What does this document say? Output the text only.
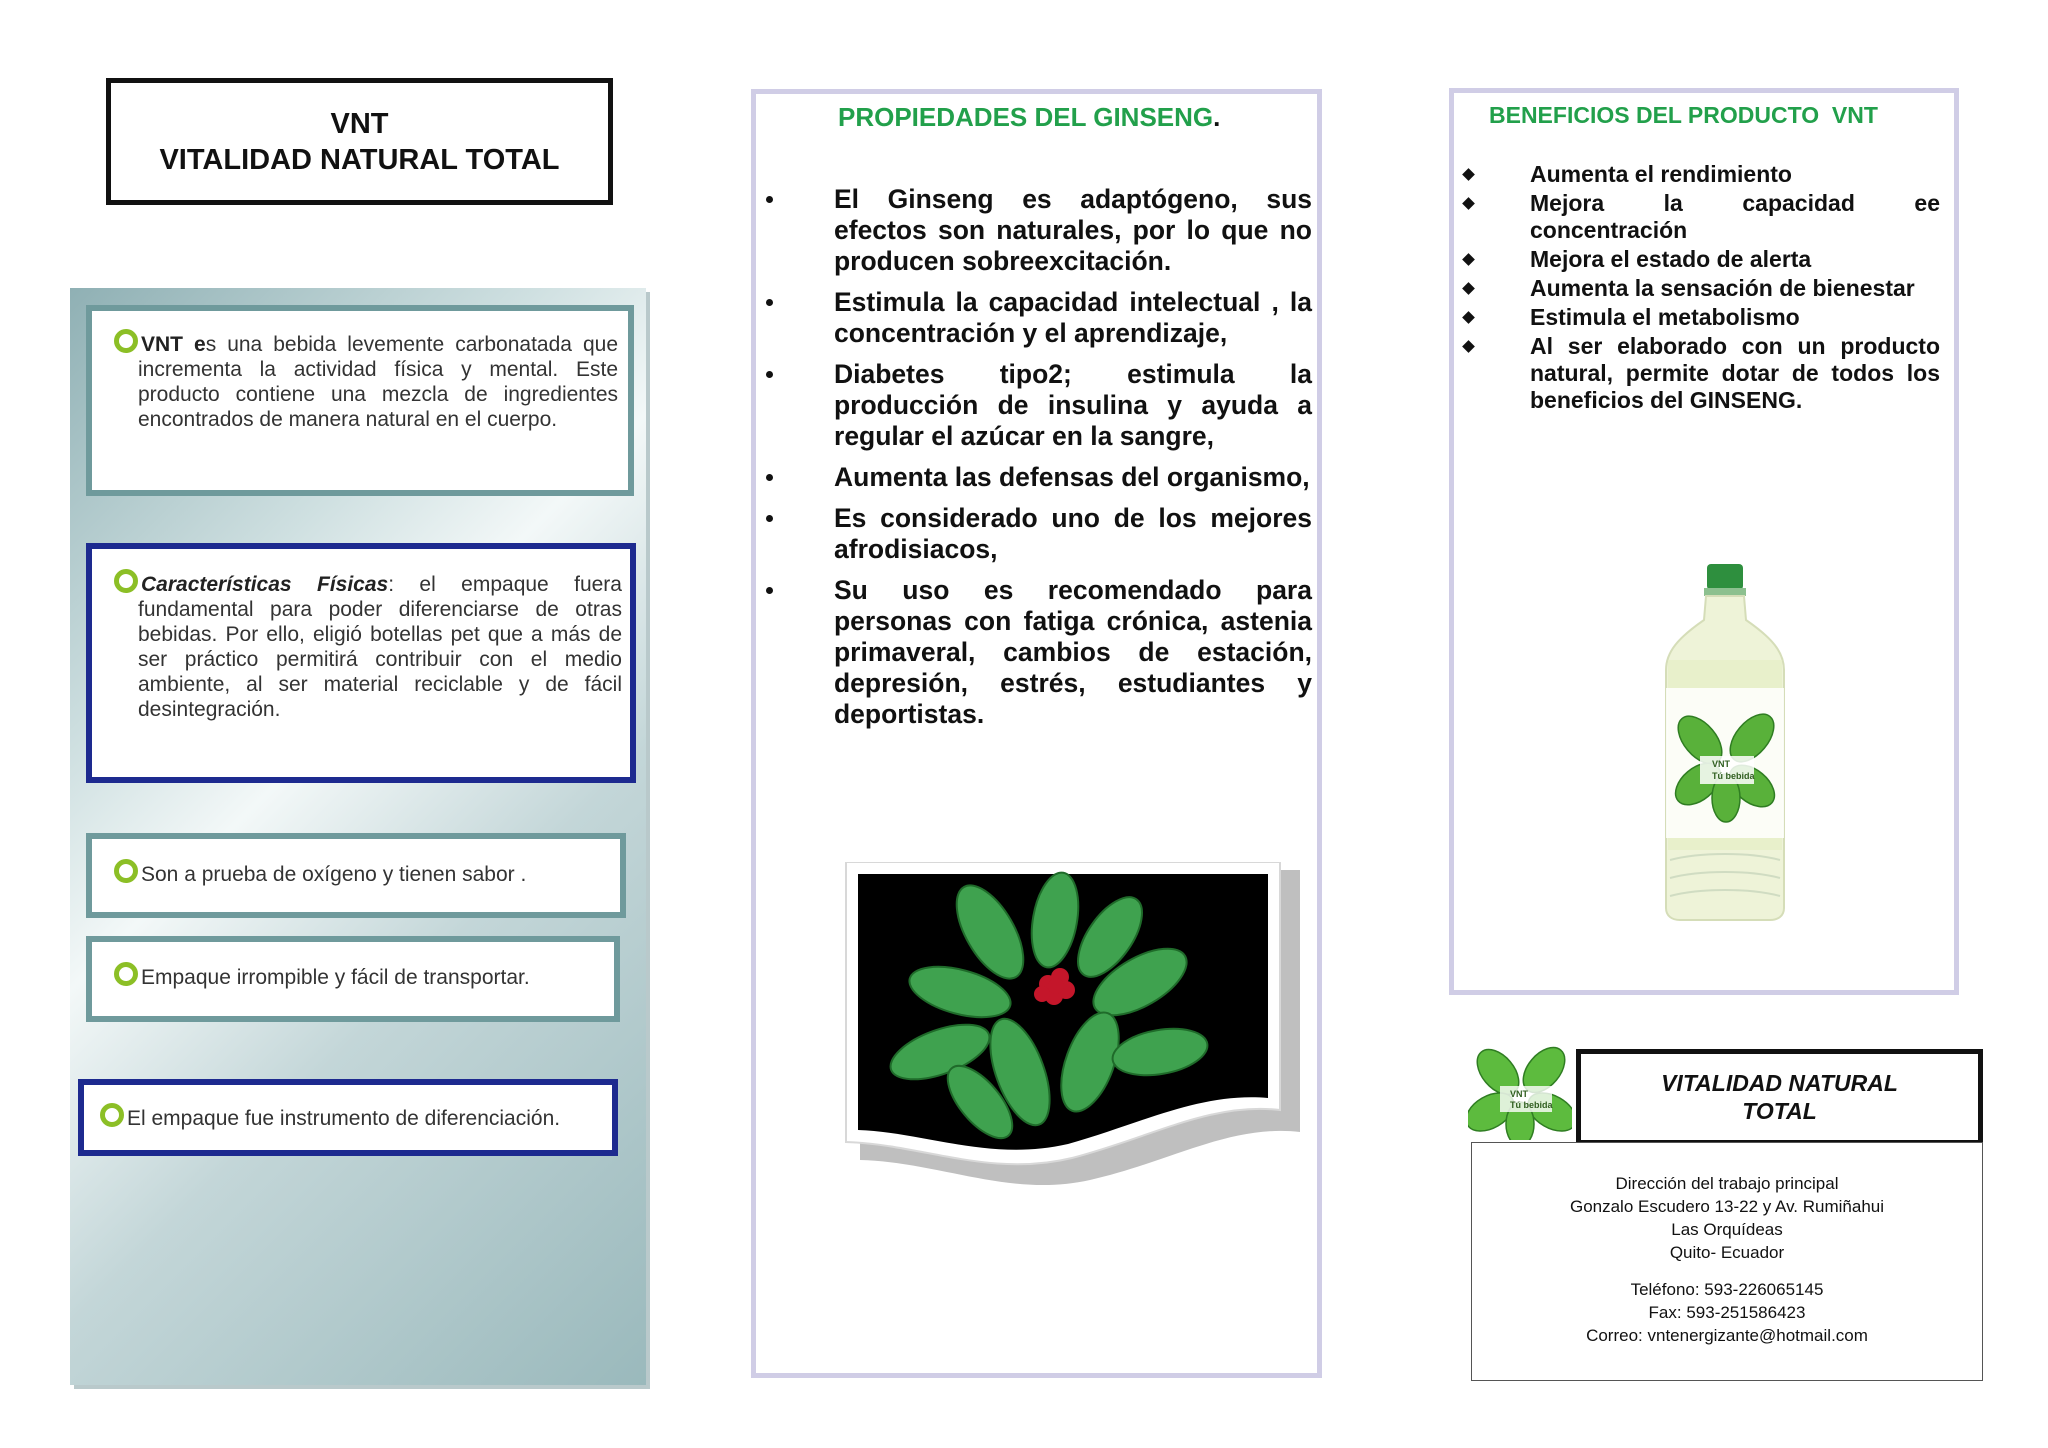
VNT
VITALIDAD NATURAL TOTAL
VNT es una bebida levemente carbonatada que incrementa la actividad física y mental. Este producto contiene una mezcla de ingredientes encontrados de manera natural en el cuerpo.
Características Físicas: el empaque fuera fundamental para poder diferenciarse de otras bebidas. Por ello, eligió botellas pet que a más de ser práctico permitirá contribuir con el medio ambiente, al ser material reciclable y de fácil desintegración.
Son a prueba de oxígeno y tienen sabor .
Empaque irrompible y fácil de transportar.
El empaque fue instrumento de diferenciación.
PROPIEDADES DEL GINSENG.
El Ginseng es adaptógeno, sus efectos son naturales, por lo que no producen sobreexcitación.
Estimula la capacidad intelectual , la concentración y el aprendizaje,
Diabetes tipo2; estimula la producción de insulina y ayuda a regular el azúcar en la sangre,
Aumenta las defensas del organismo,
Es considerado uno de los mejores afrodisiacos,
Su uso es recomendado para personas con fatiga crónica, astenia primaveral, cambios de estación, depresión, estrés, estudiantes y deportistas.
BENEFICIOS DEL PRODUCTO  VNT
Aumenta el rendimiento
Mejora la capacidad ee concentración
Mejora el estado de alerta
Aumenta la sensación de bienestar
Estimula el metabolismo
Al ser elaborado con un producto natural, permite dotar de todos los beneficios del GINSENG.
VNT
Tú bebida
VNT
Tú bebida
VITALIDAD NATURAL
TOTAL
Dirección del trabajo principal
Gonzalo Escudero 13-22 y Av. Rumiñahui
Las Orquídeas
Quito- Ecuador
Teléfono: 593-226065145
Fax: 593-251586423
Correo: vntenergizante@hotmail.com
